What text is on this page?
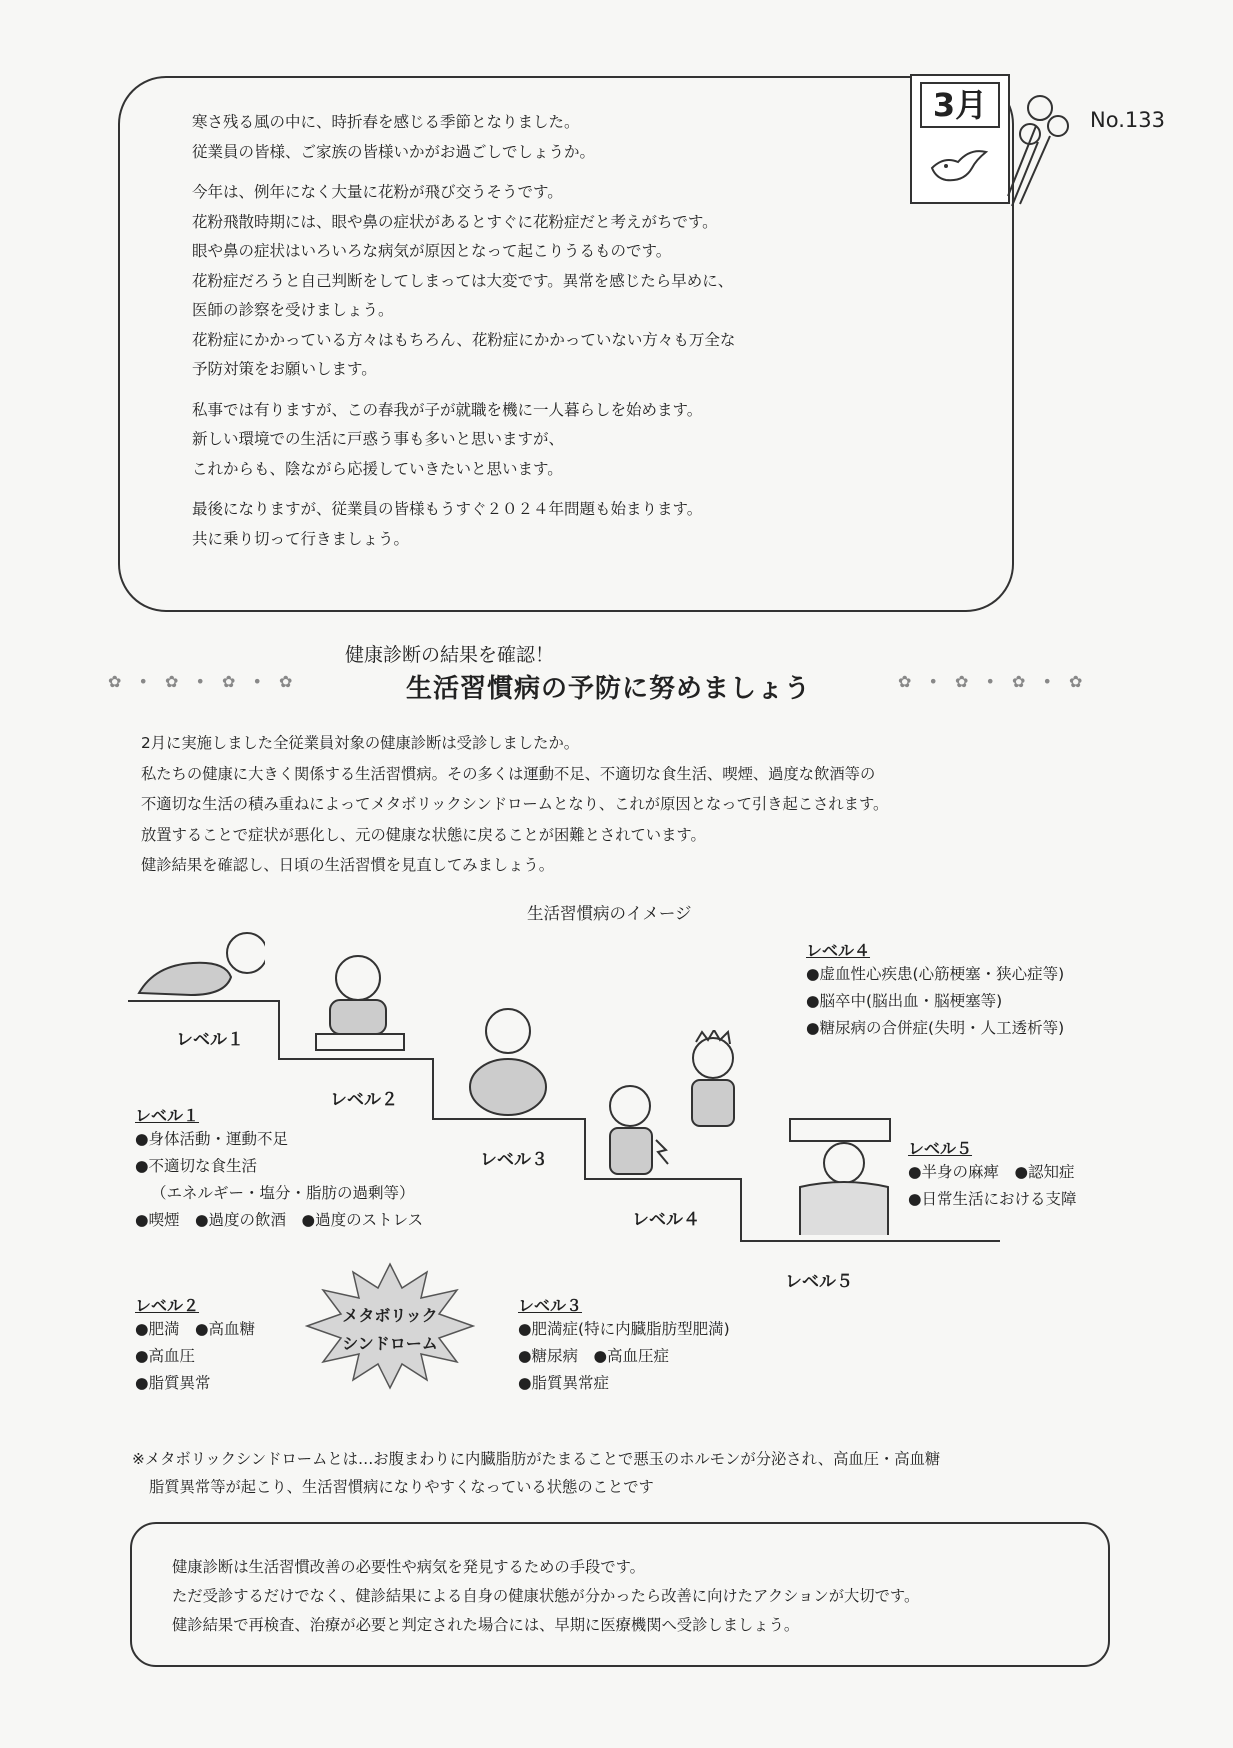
寒さ残る風の中に、時折春を感じる季節となりました。
従業員の皆様、ご家族の皆様いかがお過ごしでしょうか。
今年は、例年になく大量に花粉が飛び交うそうです。
花粉飛散時期には、眼や鼻の症状があるとすぐに花粉症だと考えがちです。
眼や鼻の症状はいろいろな病気が原因となって起こりうるものです。
花粉症だろうと自己判断をしてしまっては大変です。異常を感じたら早めに、
医師の診察を受けましょう。
花粉症にかかっている方々はもちろん、花粉症にかかっていない方々も万全な
予防対策をお願いします。
私事では有りますが、この春我が子が就職を機に一人暮らしを始めます。
新しい環境での生活に戸惑う事も多いと思いますが、
これからも、陰ながら応援していきたいと思います。
最後になりますが、従業員の皆様もうすぐ２０２４年問題も始まります。
共に乗り切って行きましょう。
3月	No.133
健康診断の結果を確認！
✿ • ✿ • ✿ • ✿	生活習慣病の予防に努めましょう	✿ • ✿ • ✿ • ✿
2月に実施しました全従業員対象の健康診断は受診しましたか。
私たちの健康に大きく関係する生活習慣病。その多くは運動不足、不適切な食生活、喫煙、過度な飲酒等の
不適切な生活の積み重ねによってメタボリックシンドロームとなり、これが原因となって引き起こされます。
放置することで症状が悪化し、元の健康な状態に戻ることが困難とされています。
健診結果を確認し、日頃の生活習慣を見直してみましょう。
生活習慣病のイメージ
レベル１
レベル２
レベル３
レベル４
レベル５
レベル１
●身体活動・運動不足
●不適切な食生活
（エネルギー・塩分・脂肪の過剰等）
●喫煙　●過度の飲酒　●過度のストレス
レベル２
●肥満　●高血糖
●高血圧
●脂質異常
メタボリック
シンドローム
レベル３
●肥満症(特に内臓脂肪型肥満)
●糖尿病　●高血圧症
●脂質異常症
レベル４
●虚血性心疾患(心筋梗塞・狭心症等)
●脳卒中(脳出血・脳梗塞等)
●糖尿病の合併症(失明・人工透析等)
レベル５
●半身の麻痺　●認知症
●日常生活における支障
※メタボリックシンドロームとは…お腹まわりに内臓脂肪がたまることで悪玉のホルモンが分泌され、高血圧・高血糖
脂質異常等が起こり、生活習慣病になりやすくなっている状態のことです
健康診断は生活習慣改善の必要性や病気を発見するための手段です。
ただ受診するだけでなく、健診結果による自身の健康状態が分かったら改善に向けたアクションが大切です。
健診結果で再検査、治療が必要と判定された場合には、早期に医療機関へ受診しましょう。
